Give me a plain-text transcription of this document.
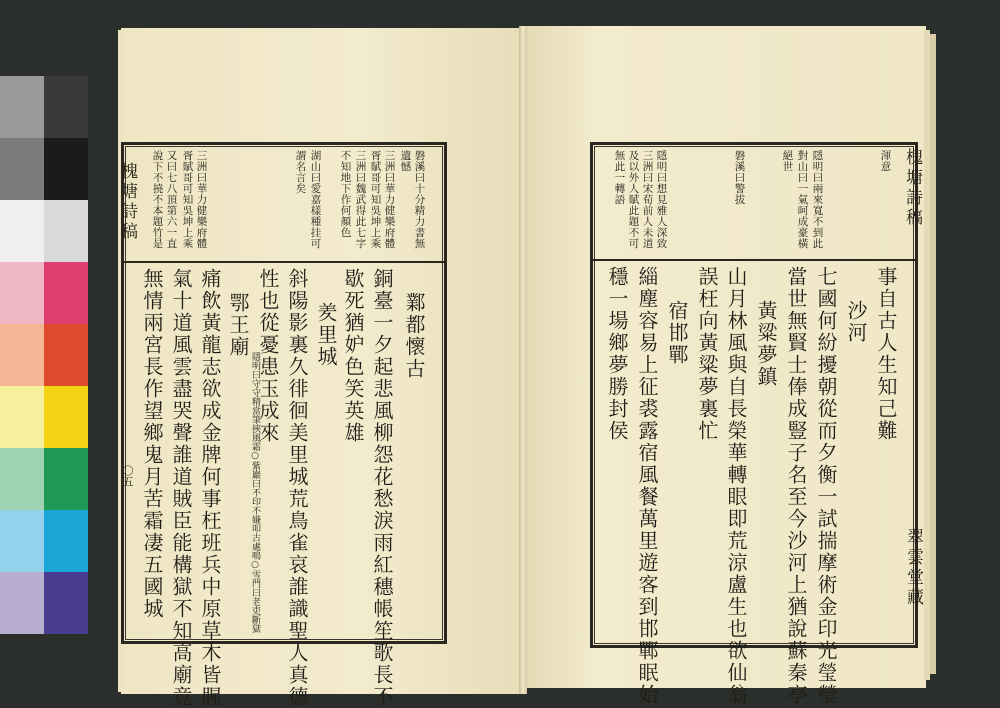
槐塘詩稿
〇五
磐溪曰十分精力書無
遺憾
三洲曰華力健樂府體
胥賦哥可知吳坤上乘
三洲曰魏武得此七字
不知地下作何顏色
湖山曰愛嘉樣種挂可
謂名言矣
三洲曰華力健樂府體
胥賦哥可知吳坤上乘
又曰七八頂第六一直
說下不撓不本題竹是
鄴都懷古
銅臺一夕起悲風柳怨花愁淚雨紅穗帳笙歌長不
歇死猶妒色笑英雄
羑里城
斜陽影裏久徘徊美里城荒鳥雀哀誰識聖人真德
性也從憂患玉成來
鄂王廟
隱明曰守守精當筆挾風霜○紫巖曰不印不嫌叩古處鳴○雪門曰老吏斷獄
痛飲黃龍志欲成金牌何事枉班兵中原草木皆腥
氣十道風雲盡哭聲誰道賊臣能構獄不知高廟竟
無情兩宮長作望鄉鬼月苦霜凄五國城
槐塘詩稿
翠雲堂藏
渾意
隱明曰兩來寬不到此
對山曰一氣呵成豪橫
絕世
磐溪曰警拔
隱明曰想見雅人深致
三洲曰宋荀前人未道
及以外人賦此題不可
無此一轉語
事自古人生知己難
沙河
七國何紛擾朝從而夕衡一試揣摩術金印光瑩瑩
當世無賢士俸成豎子名至今沙河上猶說蘇秦亭
黃粱夢鎮
山月林風與自長榮華轉眼即荒涼盧生也欲仙翁
誤枉向黃粱夢裏忙
宿邯鄲
緇塵容易上征裘露宿風餐萬里遊客到邯鄲眠始
穩一場鄉夢勝封侯
